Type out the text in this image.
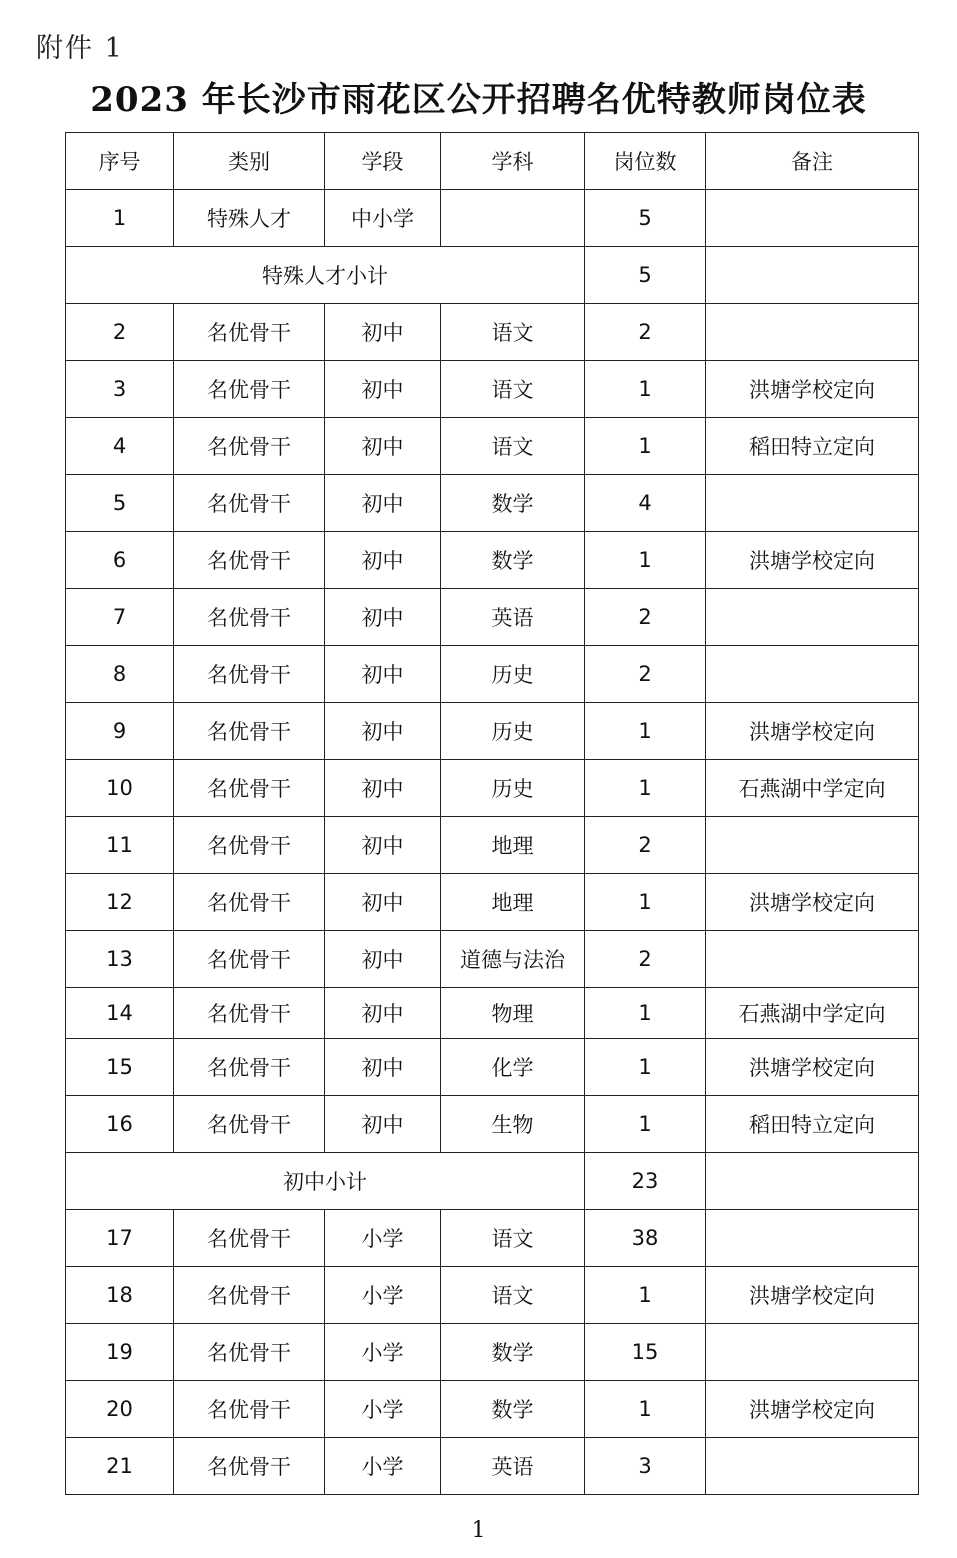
附件 1
2023 年长沙市雨花区公开招聘名优特教师岗位表
序号	类别	学段	学科	岗位数	备注
1	特殊人才	中小学		5	
特殊人才小计				5	
2	名优骨干	初中	语文	2	
3	名优骨干	初中	语文	1	洪塘学校定向
4	名优骨干	初中	语文	1	稻田特立定向
5	名优骨干	初中	数学	4	
6	名优骨干	初中	数学	1	洪塘学校定向
7	名优骨干	初中	英语	2	
8	名优骨干	初中	历史	2	
9	名优骨干	初中	历史	1	洪塘学校定向
10	名优骨干	初中	历史	1	石燕湖中学定向
11	名优骨干	初中	地理	2	
12	名优骨干	初中	地理	1	洪塘学校定向
13	名优骨干	初中	道德与法治	2	
14	名优骨干	初中	物理	1	石燕湖中学定向
15	名优骨干	初中	化学	1	洪塘学校定向
16	名优骨干	初中	生物	1	稻田特立定向
初中小计				23	
17	名优骨干	小学	语文	38	
18	名优骨干	小学	语文	1	洪塘学校定向
19	名优骨干	小学	数学	15	
20	名优骨干	小学	数学	1	洪塘学校定向
21	名优骨干	小学	英语	3	
1
